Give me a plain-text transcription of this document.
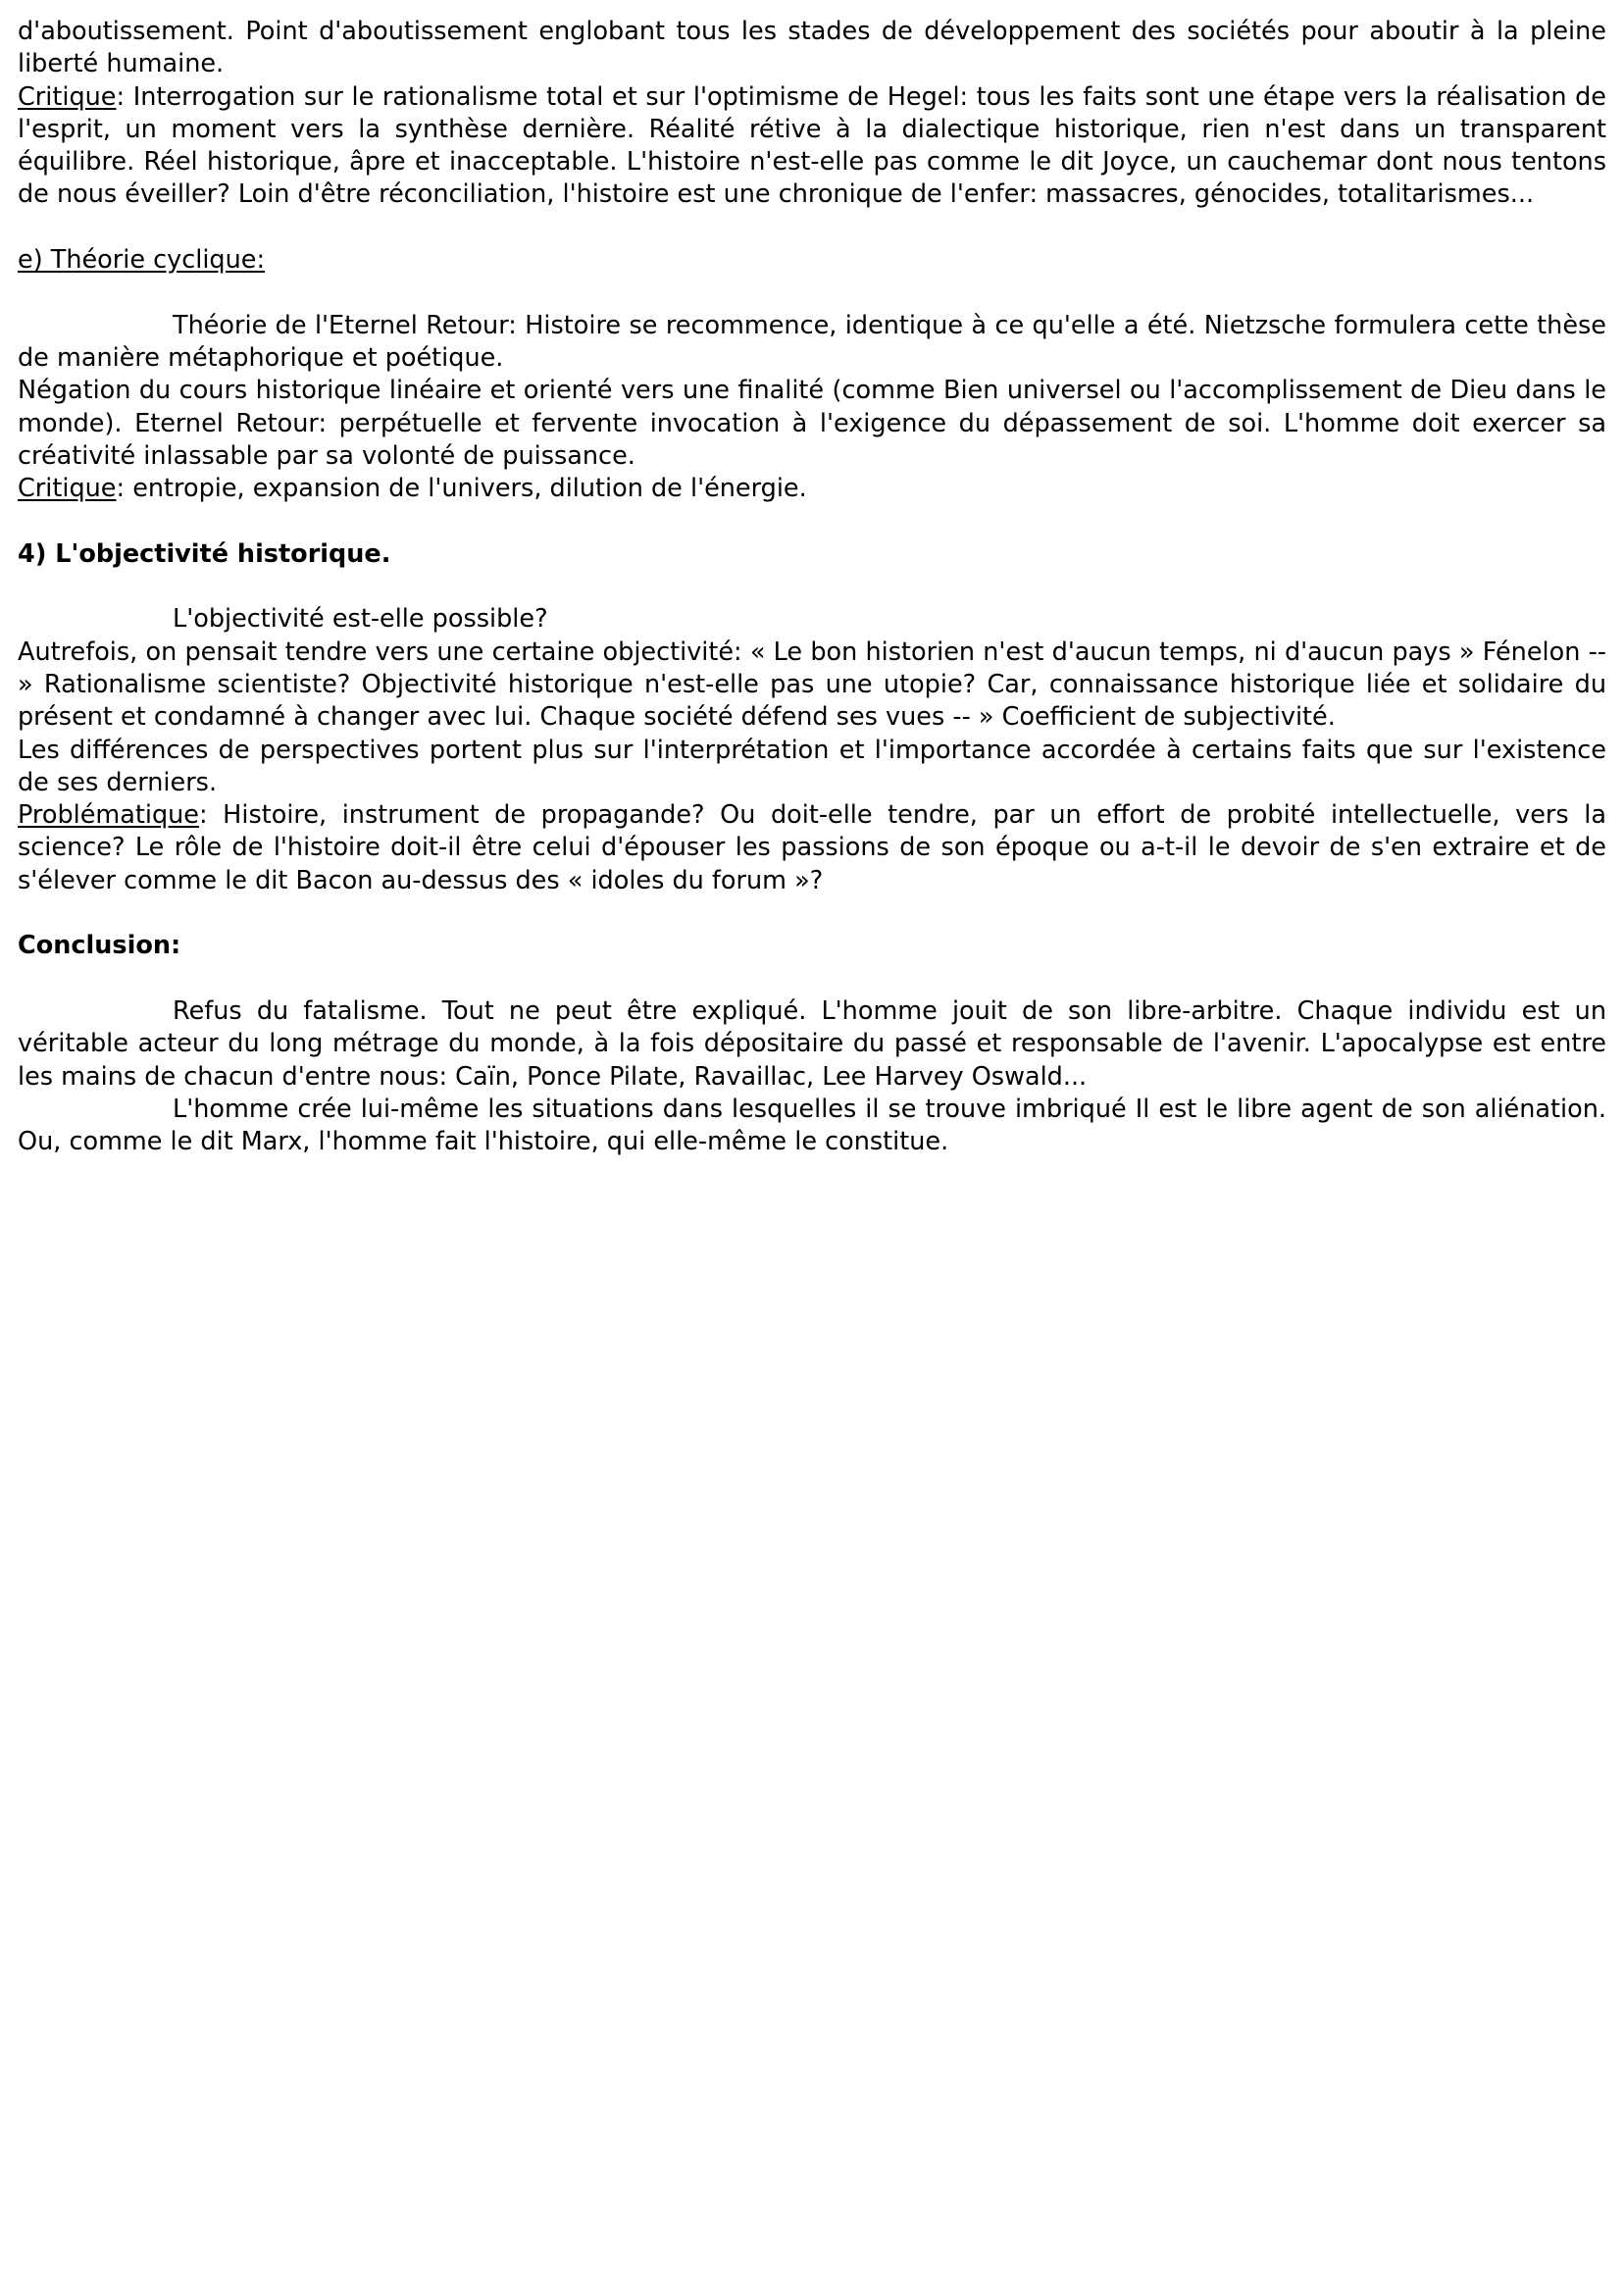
d'aboutissement. Point d'aboutissement englobant tous les stades de développement des sociétés pour aboutir à la pleine liberté humaine.

Critique: Interrogation sur le rationalisme total et sur l'optimisme de Hegel: tous les faits sont une étape vers la réalisation de l'esprit, un moment vers la synthèse dernière. Réalité rétive à la dialectique historique, rien n'est dans un transparent équilibre. Réel historique, âpre et inacceptable. L'histoire n'est-elle pas comme le dit Joyce, un cauchemar dont nous tentons de nous éveiller? Loin d'être réconciliation, l'histoire est une chronique de l'enfer: massacres, génocides, totalitarismes...

e) Théorie cyclique:

Théorie de l'Eternel Retour: Histoire se recommence, identique à ce qu'elle a été. Nietzsche formulera cette thèse de manière métaphorique et poétique.

Négation du cours historique linéaire et orienté vers une finalité (comme Bien universel ou l'accomplissement de Dieu dans le monde). Eternel Retour: perpétuelle et fervente invocation à l'exigence du dépassement de soi. L'homme doit exercer sa créativité inlassable par sa volonté de puissance.

Critique: entropie, expansion de l'univers, dilution de l'énergie.

4) L'objectivité historique.

L'objectivité est-elle possible?

Autrefois, on pensait tendre vers une certaine objectivité: « Le bon historien n'est d'aucun temps, ni d'aucun pays » Fénelon -- » Rationalisme scientiste? Objectivité historique n'est-elle pas une utopie? Car, connaissance historique liée et solidaire du présent et condamné à changer avec lui. Chaque société défend ses vues -- » Coefficient de subjectivité.

Les différences de perspectives portent plus sur l'interprétation et l'importance accordée à certains faits que sur l'existence de ses derniers.

Problématique: Histoire, instrument de propagande? Ou doit-elle tendre, par un effort de probité intellectuelle, vers la science? Le rôle de l'histoire doit-il être celui d'épouser les passions de son époque ou a-t-il le devoir de s'en extraire et de s'élever comme le dit Bacon au-dessus des « idoles du forum »?

Conclusion:

Refus du fatalisme. Tout ne peut être expliqué. L'homme jouit de son libre-arbitre. Chaque individu est un véritable acteur du long métrage du monde, à la fois dépositaire du passé et responsable de l'avenir. L'apocalypse est entre les mains de chacun d'entre nous: Caïn, Ponce Pilate, Ravaillac, Lee Harvey Oswald...

L'homme crée lui-même les situations dans lesquelles il se trouve imbriqué Il est le libre agent de son aliénation. Ou, comme le dit Marx, l'homme fait l'histoire, qui elle-même le constitue.
